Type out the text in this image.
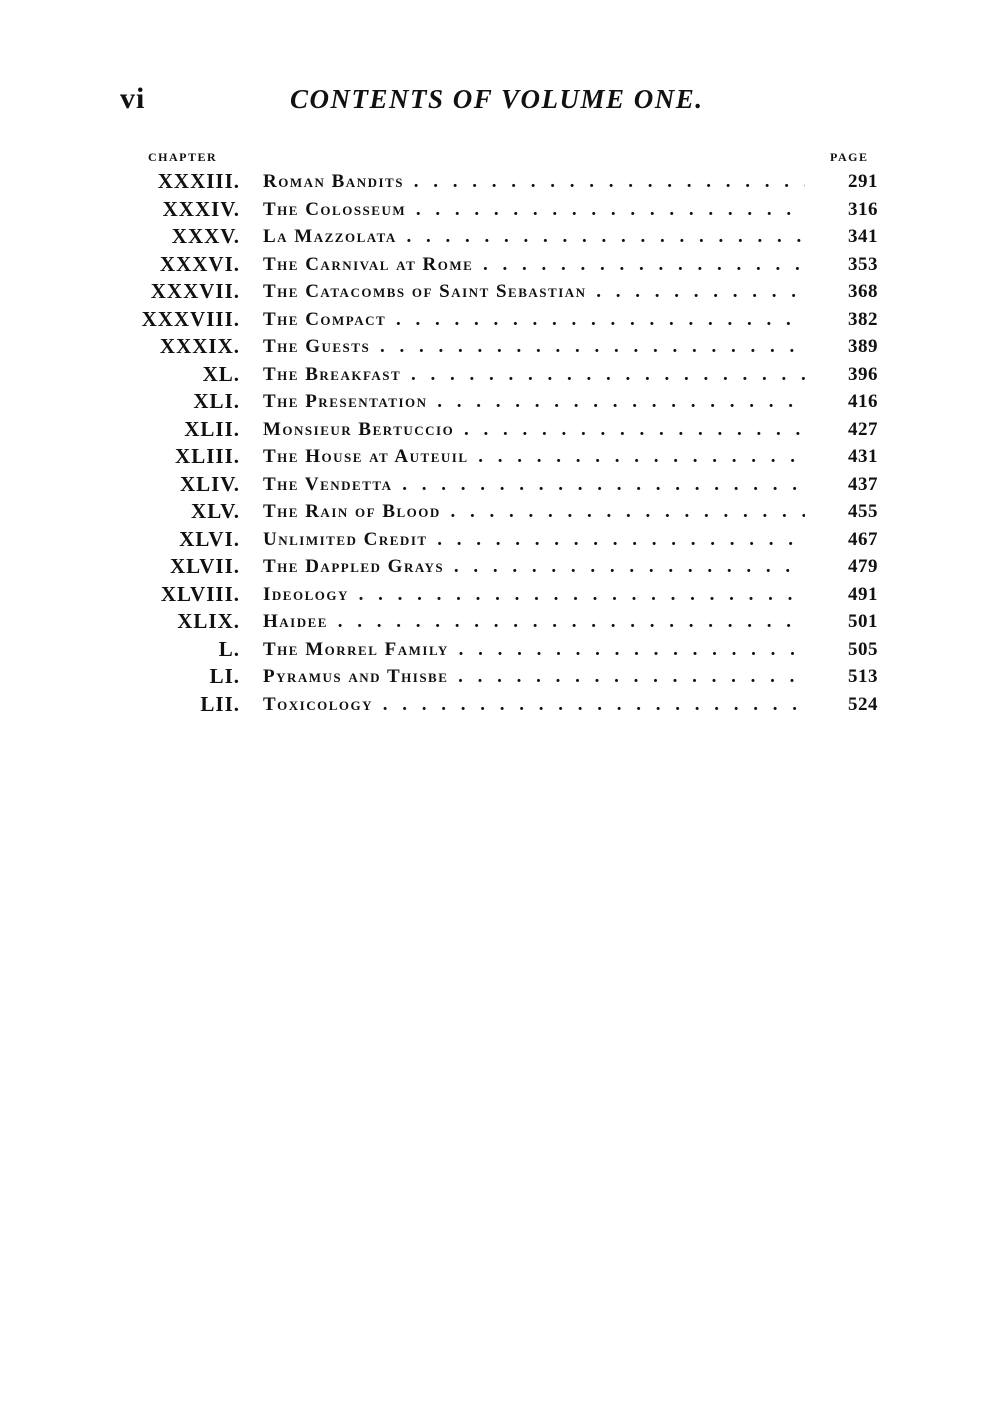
vi	CONTENTS OF VOLUME ONE.
CHAPTER	PAGE
XXXIII. Roman Bandits . . .	291
XXXIV. The Colosseum . . .	316
XXXV. La Mazzolata . . .	341
XXXVI. The Carnival at Rome . . .	353
XXXVII. The Catacombs of Saint Sebastian . . .	368
XXXVIII. The Compact . . .	382
XXXIX. The Guests . . .	389
XL. The Breakfast . . .	396
XLI. The Presentation . . .	416
XLII. Monsieur Bertuccio . . .	427
XLIII. The House at Auteuil . . .	431
XLIV. The Vendetta . . .	437
XLV. The Rain of Blood . . .	455
XLVI. Unlimited Credit . . .	467
XLVII. The Dappled Grays . . .	479
XLVIII. Ideology . . .	491
XLIX. Haidee . . .	501
L. The Morrel Family . . .	505
LI. Pyramus and Thisbe . . .	513
LII. Toxicology . . .	524
